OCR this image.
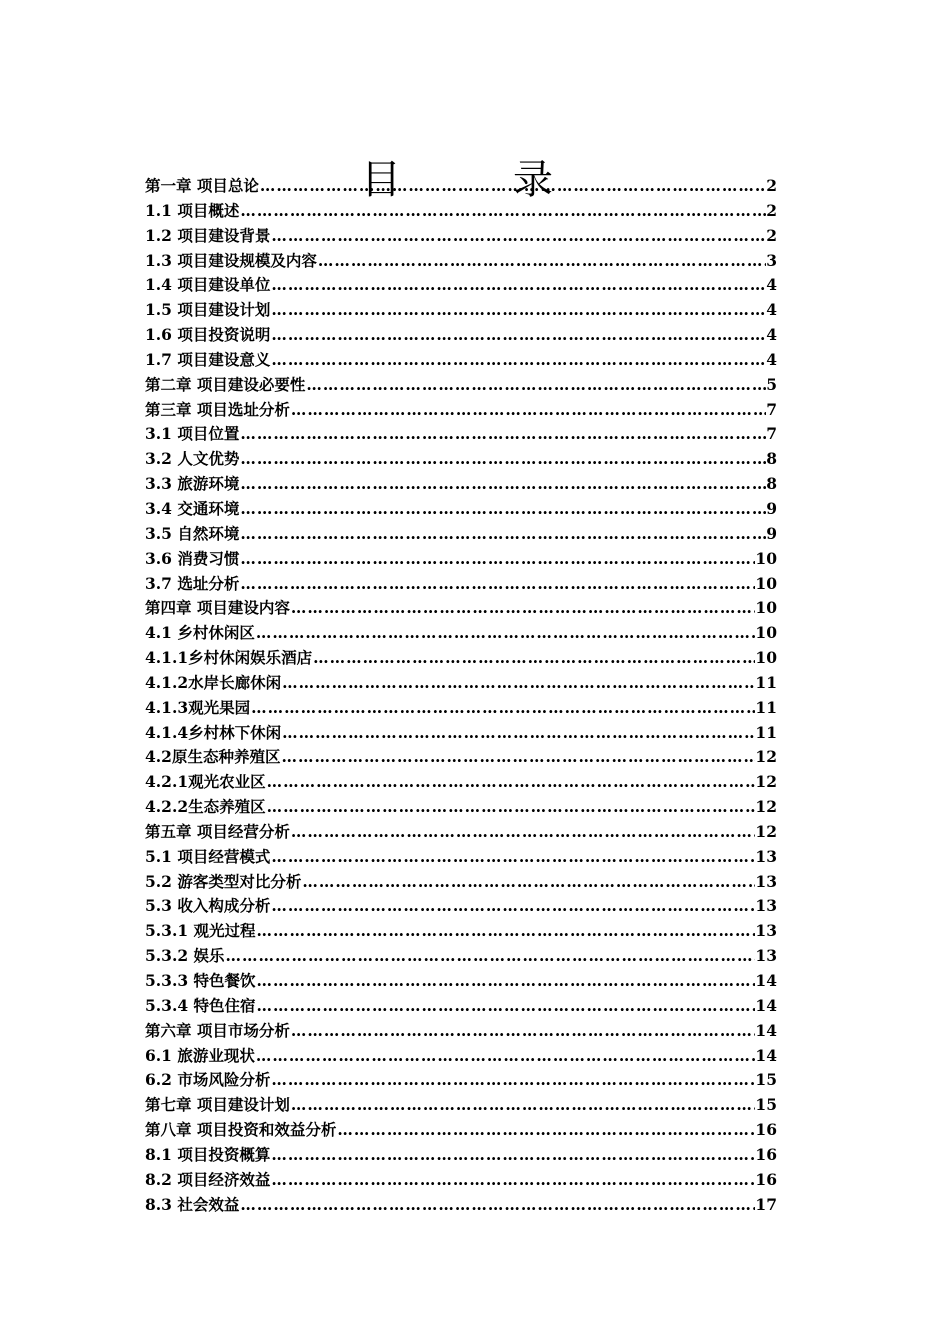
目　录
第一章 项目总论 ……………………………………………………………………………………………………………………………………………………………………	2
1.1 项目概述 ……………………………………………………………………………………………………………………………………………………………………	2
1.2 项目建设背景 ……………………………………………………………………………………………………………………………………………………………………	2
1.3 项目建设规模及内容 ……………………………………………………………………………………………………………………………………………………………………	3
1.4 项目建设单位 ……………………………………………………………………………………………………………………………………………………………………	4
1.5 项目建设计划 ……………………………………………………………………………………………………………………………………………………………………	4
1.6 项目投资说明 ……………………………………………………………………………………………………………………………………………………………………	4
1.7 项目建设意义 ……………………………………………………………………………………………………………………………………………………………………	4
第二章 项目建设必要性 ……………………………………………………………………………………………………………………………………………………………………	5
第三章 项目选址分析 ……………………………………………………………………………………………………………………………………………………………………	7
3.1 项目位置 ……………………………………………………………………………………………………………………………………………………………………	7
3.2 人文优势 ……………………………………………………………………………………………………………………………………………………………………	8
3.3 旅游环境 ……………………………………………………………………………………………………………………………………………………………………	8
3.4 交通环境 ……………………………………………………………………………………………………………………………………………………………………	9
3.5 自然环境 ……………………………………………………………………………………………………………………………………………………………………	9
3.6 消费习惯 ……………………………………………………………………………………………………………………………………………………………………	10
3.7 选址分析 ……………………………………………………………………………………………………………………………………………………………………	10
第四章 项目建设内容 ……………………………………………………………………………………………………………………………………………………………………	10
4.1 乡村休闲区 ……………………………………………………………………………………………………………………………………………………………………	10
4.1.1乡村休闲娱乐酒店 ……………………………………………………………………………………………………………………………………………………………………	10
4.1.2水岸长廊休闲 ……………………………………………………………………………………………………………………………………………………………………	11
4.1.3观光果园 ……………………………………………………………………………………………………………………………………………………………………	11
4.1.4乡村林下休闲 ……………………………………………………………………………………………………………………………………………………………………	11
4.2原生态种养殖区 ……………………………………………………………………………………………………………………………………………………………………	12
4.2.1观光农业区 ……………………………………………………………………………………………………………………………………………………………………	12
4.2.2生态养殖区 ……………………………………………………………………………………………………………………………………………………………………	12
第五章 项目经营分析 ……………………………………………………………………………………………………………………………………………………………………	12
5.1 项目经营模式 ……………………………………………………………………………………………………………………………………………………………………	13
5.2 游客类型对比分析 ……………………………………………………………………………………………………………………………………………………………………	13
5.3 收入构成分析 ……………………………………………………………………………………………………………………………………………………………………	13
5.3.1 观光过程 ……………………………………………………………………………………………………………………………………………………………………	13
5.3.2 娱乐 ……………………………………………………………………………………………………………………………………………………………………	13
5.3.3 特色餐饮 ……………………………………………………………………………………………………………………………………………………………………	14
5.3.4 特色住宿 ……………………………………………………………………………………………………………………………………………………………………	14
第六章 项目市场分析 ……………………………………………………………………………………………………………………………………………………………………	14
6.1 旅游业现状 ……………………………………………………………………………………………………………………………………………………………………	14
6.2 市场风险分析 ……………………………………………………………………………………………………………………………………………………………………	15
第七章 项目建设计划 ……………………………………………………………………………………………………………………………………………………………………	15
第八章 项目投资和效益分析 ……………………………………………………………………………………………………………………………………………………………………	16
8.1 项目投资概算 ……………………………………………………………………………………………………………………………………………………………………	16
8.2 项目经济效益 ……………………………………………………………………………………………………………………………………………………………………	16
8.3 社会效益 ……………………………………………………………………………………………………………………………………………………………………	17
